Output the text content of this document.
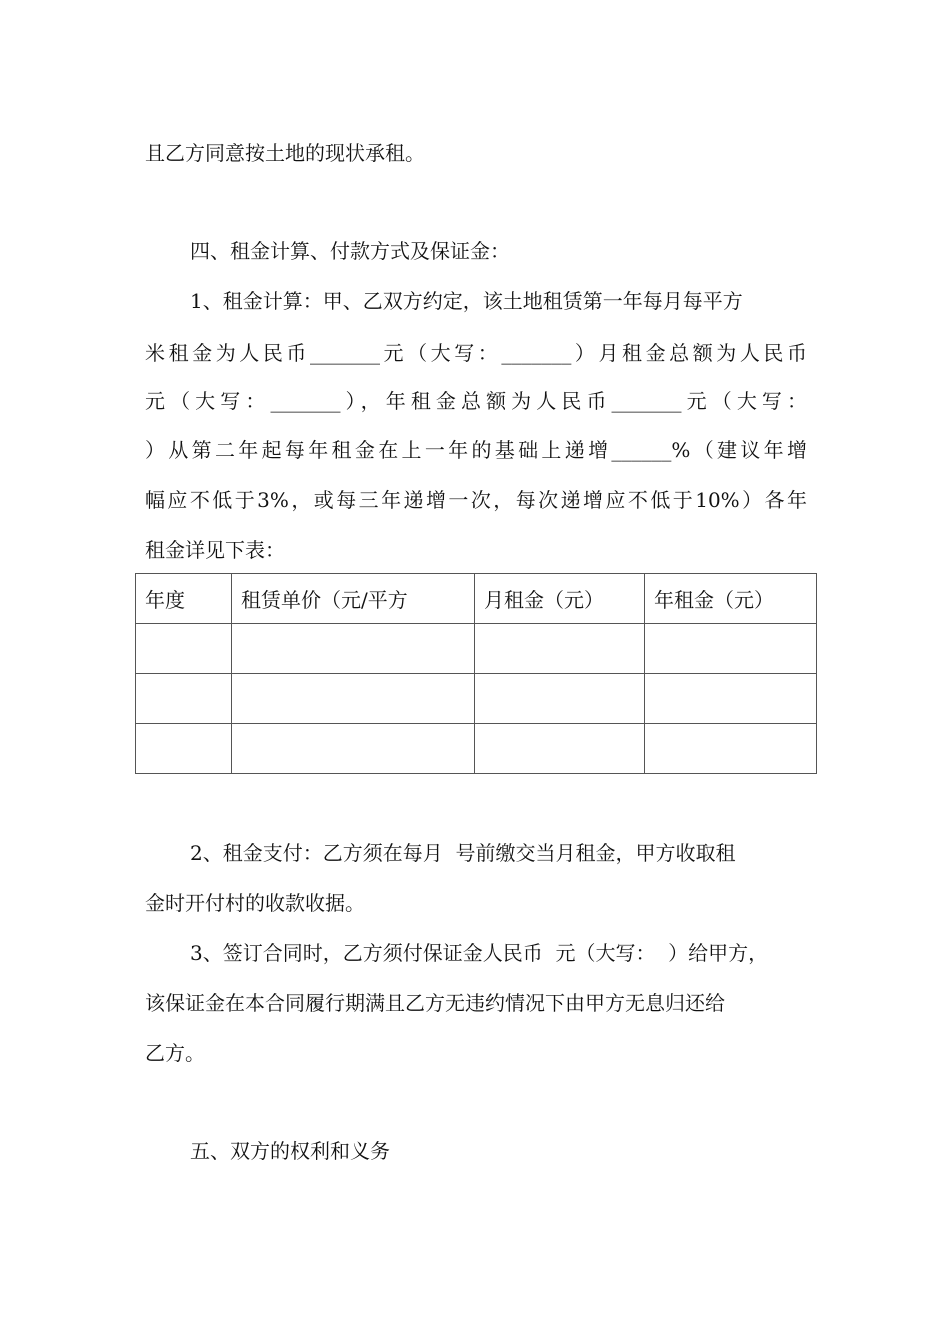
且乙方同意按土地的现状承租。
四、租金计算、付款方式及保证金：
1、租金计算：甲、乙双方约定，该土地租赁第一年每月每平方
米租金为人民币_______元（大写：_______）月租金总额为人民币
元（大写：_______），年租金总额为人民币_______元（大写：
）从第二年起每年租金在上一年的基础上递增______%（建议年增
幅应不低于3%，或每三年递增一次，每次递增应不低于10%）各年
租金详见下表：
年度	租赁单价（元/平方	月租金（元）	年租金（元）

2、租金支付：乙方须在每月  号前缴交当月租金，甲方收取租
金时开付村的收款收据。
3、签订合同时，乙方须付保证金人民币  元（大写：  ）给甲方，
该保证金在本合同履行期满且乙方无违约情况下由甲方无息归还给
乙方。
五、双方的权利和义务
